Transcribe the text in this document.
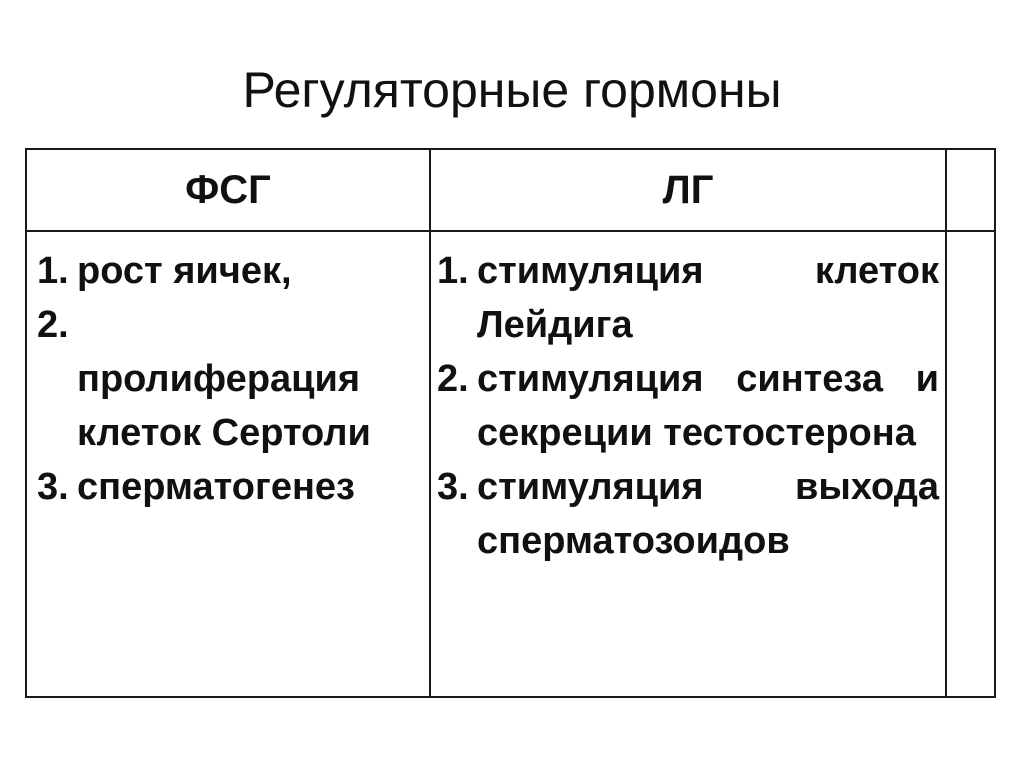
Регуляторные гормоны
ФСГ	ЛГ
1. рост яичек,
2.
пролиферация клеток Сертоли
3. сперматогенез
1. стимуляция клеток Лейдига
2. стимуляция синтеза и секреции тестостерона
3. стимуляция выхода сперматозоидов
